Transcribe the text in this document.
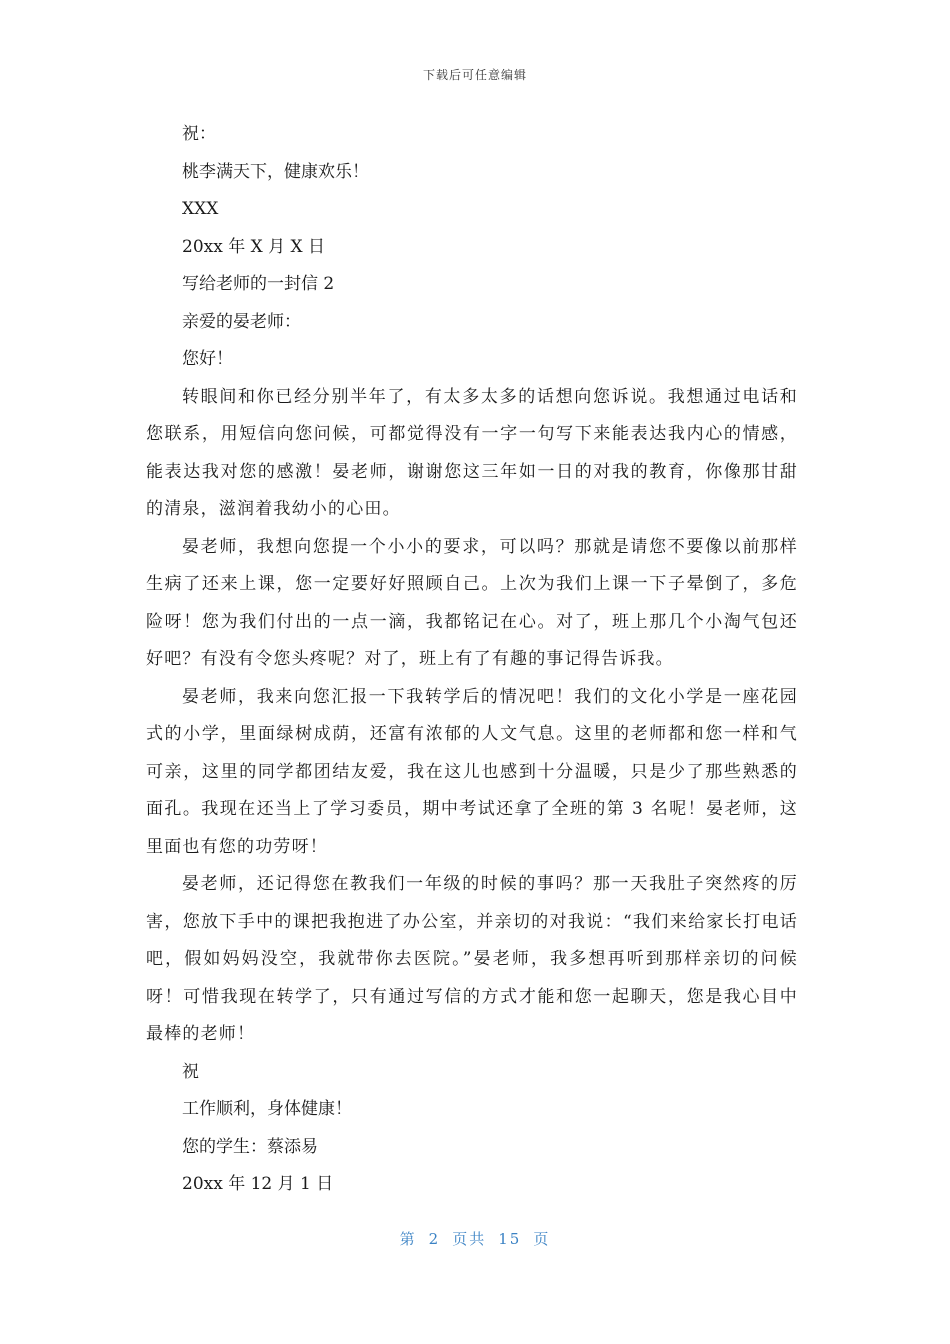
下载后可任意编辑
祝：
桃李满天下，健康欢乐！
XXX
20xx 年 X 月 X 日
写给老师的一封信 2
亲爱的晏老师：
您好！

转眼间和你已经分别半年了，有太多太多的话想向您诉说。我想通过电话和您联系，用短信向您问候，可都觉得没有一字一句写下来能表达我内心的情感，能表达我对您的感激！晏老师，谢谢您这三年如一日的对我的教育，你像那甘甜的清泉，滋润着我幼小的心田。

晏老师，我想向您提一个小小的要求，可以吗？那就是请您不要像以前那样生病了还来上课，您一定要好好照顾自己。上次为我们上课一下子晕倒了，多危险呀！您为我们付出的一点一滴，我都铭记在心。对了，班上那几个小淘气包还好吧？有没有令您头疼呢？对了，班上有了有趣的事记得告诉我。

晏老师，我来向您汇报一下我转学后的情况吧！我们的文化小学是一座花园式的小学，里面绿树成荫，还富有浓郁的人文气息。这里的老师都和您一样和气可亲，这里的同学都团结友爱，我在这儿也感到十分温暖，只是少了那些熟悉的面孔。我现在还当上了学习委员，期中考试还拿了全班的第 3 名呢！晏老师，这里面也有您的功劳呀！

晏老师，还记得您在教我们一年级的时候的事吗？那一天我肚子突然疼的厉害，您放下手中的课把我抱进了办公室，并亲切的对我说：“我们来给家长打电话吧，假如妈妈没空，我就带你去医院。”晏老师，我多想再听到那样亲切的问候呀！可惜我现在转学了，只有通过写信的方式才能和您一起聊天，您是我心目中最棒的老师！

祝
工作顺利，身体健康！
您的学生：蔡添易
20xx 年 12 月 1 日
第 2 页共 15 页
